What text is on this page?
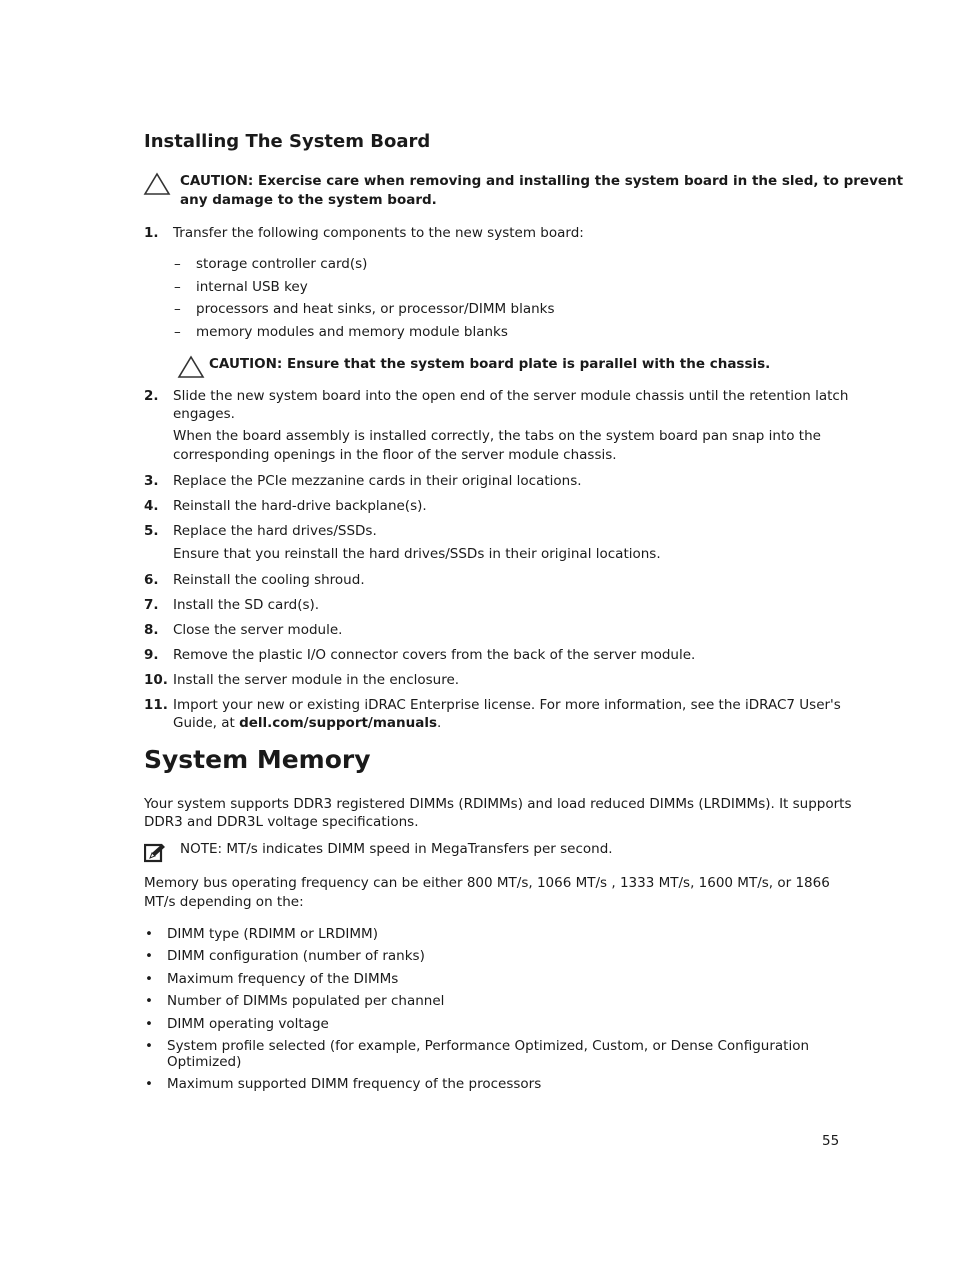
Installing The System Board
CAUTION: Exercise care when removing and installing the system board in the sled, to prevent
any damage to the system board.
1. Transfer the following components to the new system board:
– storage controller card(s)
– internal USB key
– processors and heat sinks, or processor/DIMM blanks
– memory modules and memory module blanks
CAUTION: Ensure that the system board plate is parallel with the chassis.
2. Slide the new system board into the open end of the server module chassis until the retention latch
engages.
When the board assembly is installed correctly, the tabs on the system board pan snap into the
corresponding openings in the floor of the server module chassis.
3. Replace the PCIe mezzanine cards in their original locations.
4. Reinstall the hard-drive backplane(s).
5. Replace the hard drives/SSDs.
Ensure that you reinstall the hard drives/SSDs in their original locations.
6. Reinstall the cooling shroud.
7. Install the SD card(s).
8. Close the server module.
9. Remove the plastic I/O connector covers from the back of the server module.
10. Install the server module in the enclosure.
11. Import your new or existing iDRAC Enterprise license. For more information, see the iDRAC7 User's
Guide, at dell.com/support/manuals.
System Memory
Your system supports DDR3 registered DIMMs (RDIMMs) and load reduced DIMMs (LRDIMMs). It supports
DDR3 and DDR3L voltage specifications.
NOTE: MT/s indicates DIMM speed in MegaTransfers per second.
Memory bus operating frequency can be either 800 MT/s, 1066 MT/s , 1333 MT/s, 1600 MT/s, or 1866
MT/s depending on the:
• DIMM type (RDIMM or LRDIMM)
• DIMM configuration (number of ranks)
• Maximum frequency of the DIMMs
• Number of DIMMs populated per channel
• DIMM operating voltage
• System profile selected (for example, Performance Optimized, Custom, or Dense Configuration
Optimized)
• Maximum supported DIMM frequency of the processors
55
